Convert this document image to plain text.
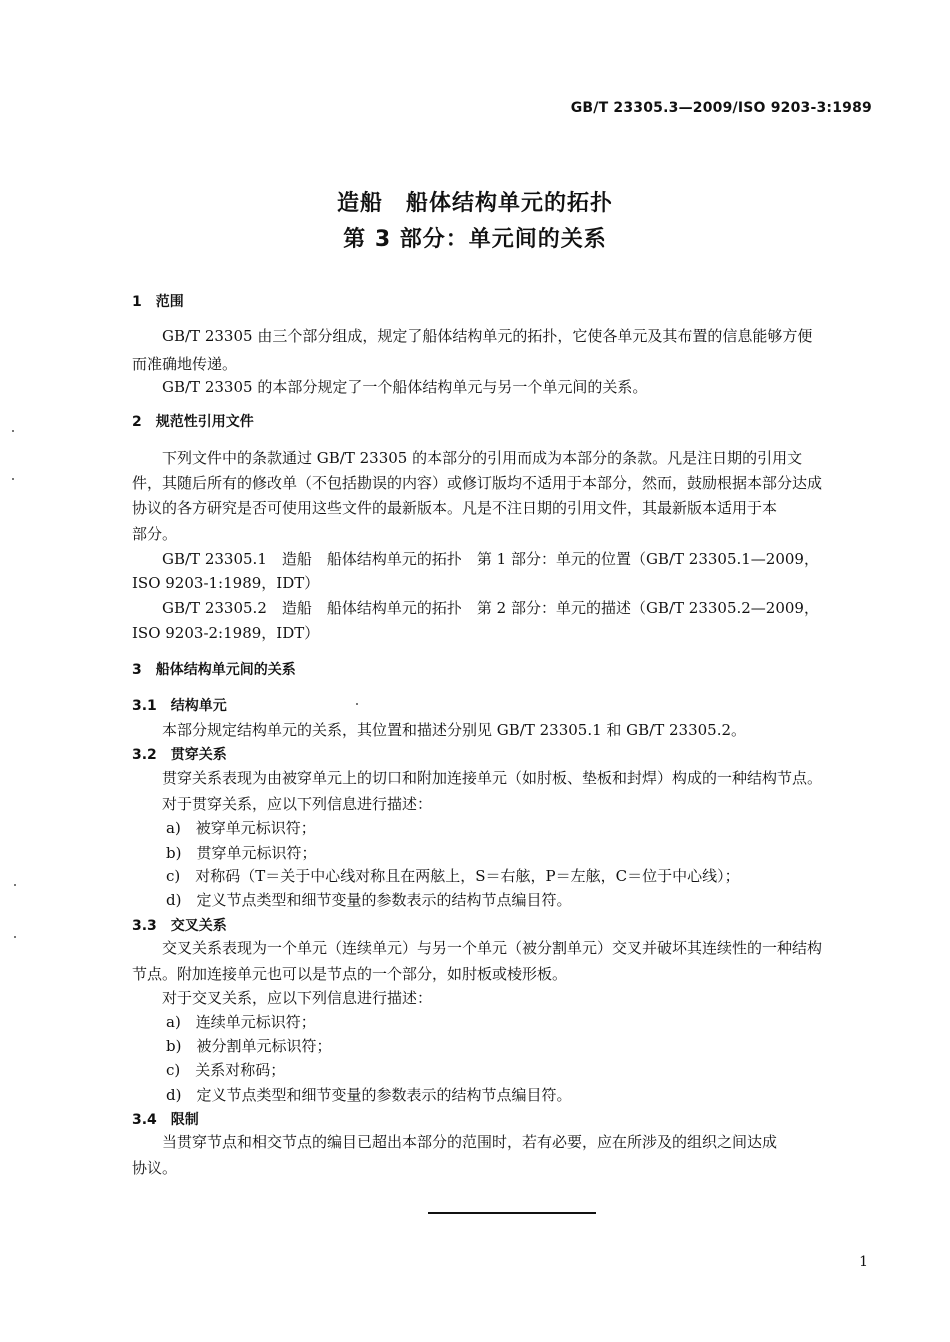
GB/T 23305.3—2009/ISO 9203-3:1989
造船　船体结构单元的拓扑
第 3 部分：单元间的关系
1　范围
GB/T 23305 由三个部分组成，规定了船体结构单元的拓扑，它使各单元及其布置的信息能够方便
而准确地传递。
GB/T 23305 的本部分规定了一个船体结构单元与另一个单元间的关系。
2　规范性引用文件
下列文件中的条款通过 GB/T 23305 的本部分的引用而成为本部分的条款。凡是注日期的引用文
件，其随后所有的修改单（不包括勘误的内容）或修订版均不适用于本部分，然而，鼓励根据本部分达成
协议的各方研究是否可使用这些文件的最新版本。凡是不注日期的引用文件，其最新版本适用于本
部分。
GB/T 23305.1　造船　船体结构单元的拓扑　第 1 部分：单元的位置（GB/T 23305.1—2009，
ISO 9203-1:1989，IDT）
GB/T 23305.2　造船　船体结构单元的拓扑　第 2 部分：单元的描述（GB/T 23305.2—2009，
ISO 9203-2:1989，IDT）
3　船体结构单元间的关系
3.1　结构单元
本部分规定结构单元的关系，其位置和描述分别见 GB/T 23305.1 和 GB/T 23305.2。
3.2　贯穿关系
贯穿关系表现为由被穿单元上的切口和附加连接单元（如肘板、垫板和封焊）构成的一种结构节点。
对于贯穿关系，应以下列信息进行描述：
a)　被穿单元标识符；
b)　贯穿单元标识符；
c)　对称码（T＝关于中心线对称且在两舷上，S＝右舷，P＝左舷，C＝位于中心线）；
d)　定义节点类型和细节变量的参数表示的结构节点编目符。
3.3　交叉关系
交叉关系表现为一个单元（连续单元）与另一个单元（被分割单元）交叉并破坏其连续性的一种结构
节点。附加连接单元也可以是节点的一个部分，如肘板或棱形板。
对于交叉关系，应以下列信息进行描述：
a)　连续单元标识符；
b)　被分割单元标识符；
c)　关系对称码；
d)　定义节点类型和细节变量的参数表示的结构节点编目符。
3.4　限制
当贯穿节点和相交节点的编目已超出本部分的范围时，若有必要，应在所涉及的组织之间达成
协议。
1
